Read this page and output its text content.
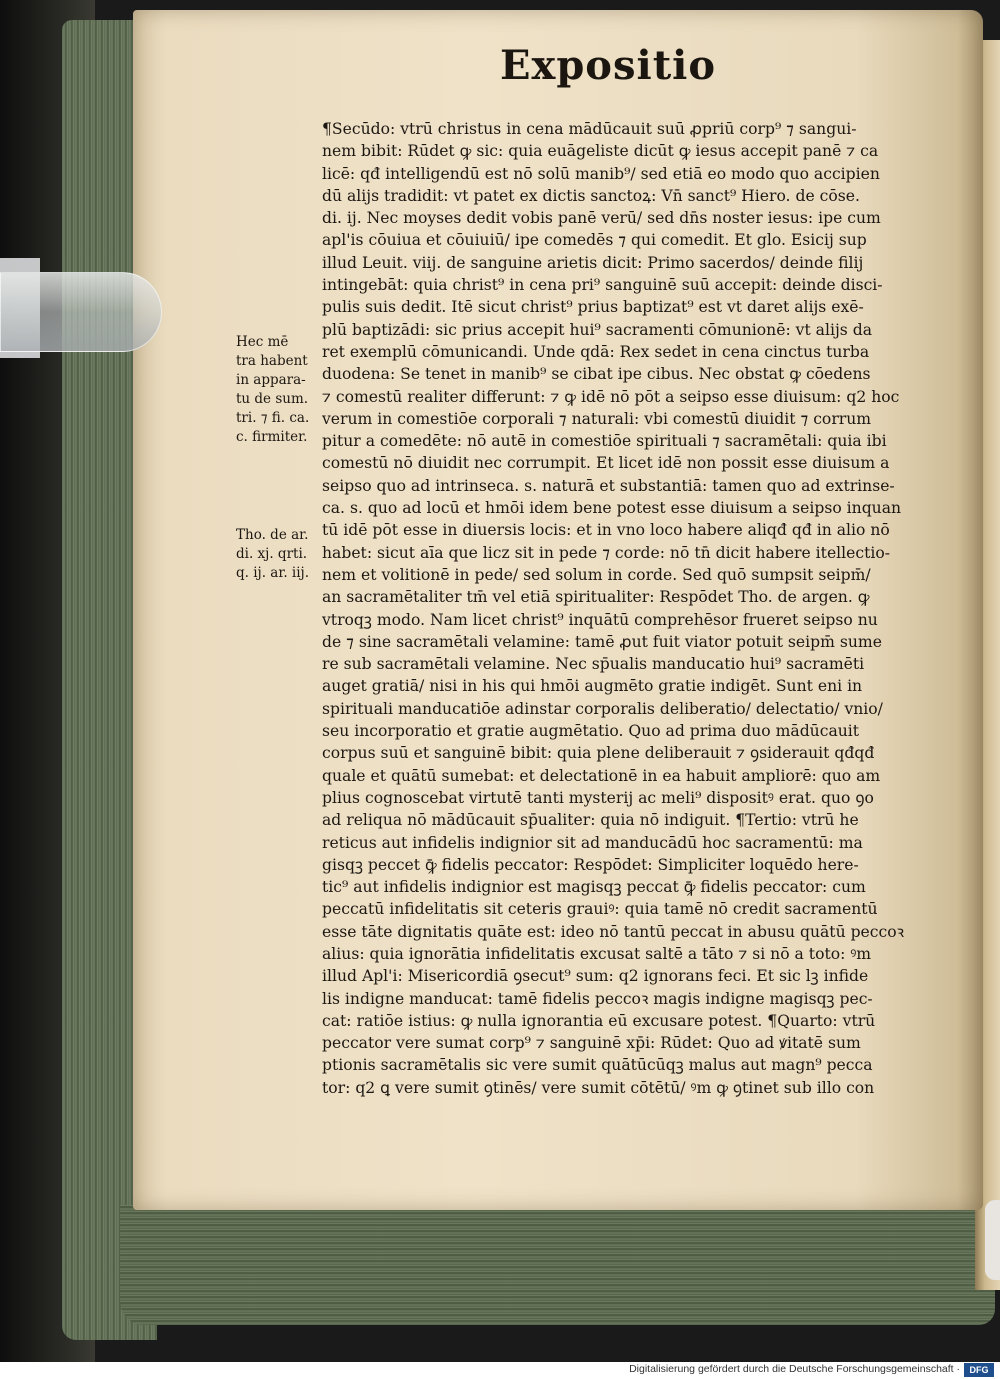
Expositio
¶Secūdo: vtrū christus in cena mādūcauit suū ꝓpriū corp⁹ ⁊ sangui-
nem bibit: Rūdet ꝙ sic: quia euāgeliste dicūt ꝙ iesus accepit panē ⁊ ca
licē: qđ intelligendū est nō solū manib⁹/ sed etiā eo modo quo accipien
dū alijs tradidit: vt patet ex dictis sanctoꝝ: Vn̄ sanct⁹ Hiero. de cōse.
di. ij. Nec moyses dedit vobis panē verū/ sed dn̄s noster iesus: ipe cum
apl'is cōuiua et cōuiuiū/ ipe comedēs ⁊ qui comedit. Et glo. Esicij sup
illud Leuit. viij. de sanguine arietis dicit: Primo sacerdos/ deinde filij
intingebāt: quia christ⁹ in cena pri⁹ sanguinē suū accepit: deinde disci-
pulis suis dedit. Itē sicut christ⁹ prius baptizat⁹ est vt daret alijs exē-
plū baptizādi: sic prius accepit hui⁹ sacramenti cōmunionē: vt alijs da
ret exemplū cōmunicandi. Unde qdā: Rex sedet in cena cinctus turba
duodena: Se tenet in manib⁹ se cibat ipe cibus. Nec obstat ꝙ cōedens
⁊ comestū realiter differunt: ⁊ ꝙ idē nō pōt a seipso esse diuisum: q2 hoc
verum in comestiōe corporali ⁊ naturali: vbi comestū diuidit ⁊ corrum
pitur a comedēte: nō autē in comestiōe spirituali ⁊ sacramētali: quia ibi
comestū nō diuidit nec corrumpit. Et licet idē non possit esse diuisum a
seipso quo ad intrinseca. s. naturā et substantiā: tamen quo ad extrinse-
ca. s. quo ad locū et hmōi idem bene potest esse diuisum a seipso inquan
tū idē pōt esse in diuersis locis: et in vno loco habere aliqđ qđ in alio nō
habet: sicut aīa que licz sit in pede ⁊ corde: nō tn̄ dicit habere itellectio-
nem et volitionē in pede/ sed solum in corde. Sed quō sumpsit seipm̄/
an sacramētaliter tm̄ vel etiā spiritualiter: Respōdet Tho. de argen. ꝙ
vtroqꝫ modo. Nam licet christ⁹ inquātū comprehēsor frueret seipso nu
de ⁊ sine sacramētali velamine: tamē ꝓut fuit viator potuit seipm̄ sume
re sub sacramētali velamine. Nec sp̄ualis manducatio hui⁹ sacramēti
auget gratiā/ nisi in his qui hmōi augmēto gratie indigēt. Sunt eni in
spirituali manducatiōe adinstar corporalis deliberatio/ delectatio/ vnio/
seu incorporatio et gratie augmētatio. Quo ad prima duo mādūcauit
corpus suū et sanguinē bibit: quia plene deliberauit ⁊ ꝯsiderauit qđqđ
quale et quātū sumebat: et delectationē in ea habuit ampliorē: quo am
plius cognoscebat virtutē tanti mysterij ac meli⁹ dispositꝰ erat. quo ꝯo
ad reliqua nō mādūcauit sp̄ualiter: quia nō indiguit. ¶Tertio: vtrū he
reticus aut infidelis indignior sit ad manducādū hoc sacramentū: ma
gisqꝫ peccet ꝙ̄ fidelis peccator: Respōdet: Simpliciter loquēdo here-
tic⁹ aut infidelis indignior est magisqꝫ peccat ꝙ̄ fidelis peccator: cum
peccatū infidelitatis sit ceteris grauiꝰ: quia tamē nō credit sacramentū
esse tāte dignitatis quāte est: ideo nō tantū peccat in abusu quātū peccoꝛ
alius: quia ignorātia infidelitatis excusat saltē a tāto ⁊ si nō a toto: ꝰm
illud Apl'i: Misericordiā ꝯsecut⁹ sum: q2 ignorans feci. Et sic lꝫ infide
lis indigne manducat: tamē fidelis peccoꝛ magis indigne magisqꝫ pec-
cat: ratiōe istius: ꝙ nulla ignorantia eū excusare potest. ¶Quarto: vtrū
peccator vere sumat corp⁹ ⁊ sanguinē xp̄i: Rūdet: Quo ad ꝟitatē sum
ptionis sacramētalis sic vere sumit quātūcūqꝫ malus aut magn⁹ pecca
tor: q2 ꝗ vere sumit ꝯtinēs/ vere sumit cōtētū/ ꝰm ꝙ ꝯtinet sub illo con
Hec mē
tra habent
in appara-
tu de sum.
tri. ⁊ fi. ca.
c. firmiter.
Tho. de ar.
di. xj. qrti.
q. ij. ar. iij.
Digitalisierung gefördert durch die Deutsche Forschungsgemeinschaft ·	DFG
